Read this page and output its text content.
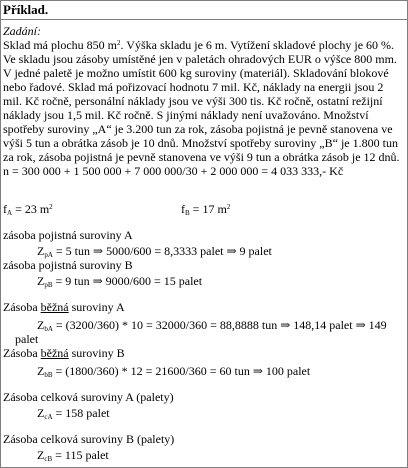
Příklad.
Zadání:
Sklad má plochu 850 $m^2$. Výška skladu je 6 m. Vytížení skladové plochy je 60 %.
Ve skladu jsou zásoby umístěné jen v paletách ohradových EUR o výšce 800 mm.
V jedné paletě je možno umístit 600 kg suroviny (materiál). Skladování blokové
nebo řadové. Sklad má pořizovací hodnotu 7 mil. Kč, náklady na energii jsou 2
mil. Kč ročně, personální náklady jsou ve výši 300 tis. Kč ročně, ostatní režijní
náklady jsou 1,5 mil. Kč ročně. S jinými náklady není uvažováno. Množství
spotřeby suroviny „A“ je 3.200 tun za rok, zásoba pojistná je pevně stanovena ve
výši 5 tun a obrátka zásob je 10 dnů. Množství spotřeby suroviny „B“ je 1.800 tun
za rok, zásoba pojistná je pevně stanovena ve výši 9 tun a obrátka zásob je 12 dnů.
n = 300 000 + 1 500 000 + 7 000 000/30 + 2 000 000 = 4 033 333,- Kč
$f_A = 23$ $m^2$	$f_B = 17$ $m^2$
zásoba pojistná suroviny A
$Z_{pA} = 5$ tun ⇒ 5000/600 = 8,3333 palet ⇒ 9 palet
zásoba pojistná suroviny B
$Z_{pB} = 9$ tun ⇒ 9000/600 = 15 palet
Zásoba běžná suroviny A
$Z_{bA} = (3200/360) * 10 = 32000/360 = 88,8888$ tun ⇒ 148,14 palet ⇒ 149
palet
Zásoba běžná suroviny B
$Z_{bB} = (1800/360) * 12 = 21600/360 = 60$ tun ⇒ 100 palet
Zásoba celková suroviny A (palety)
$Z_{cA} = 158$ palet
Zásoba celková suroviny B (palety)
$Z_{cB} = 115$ palet
